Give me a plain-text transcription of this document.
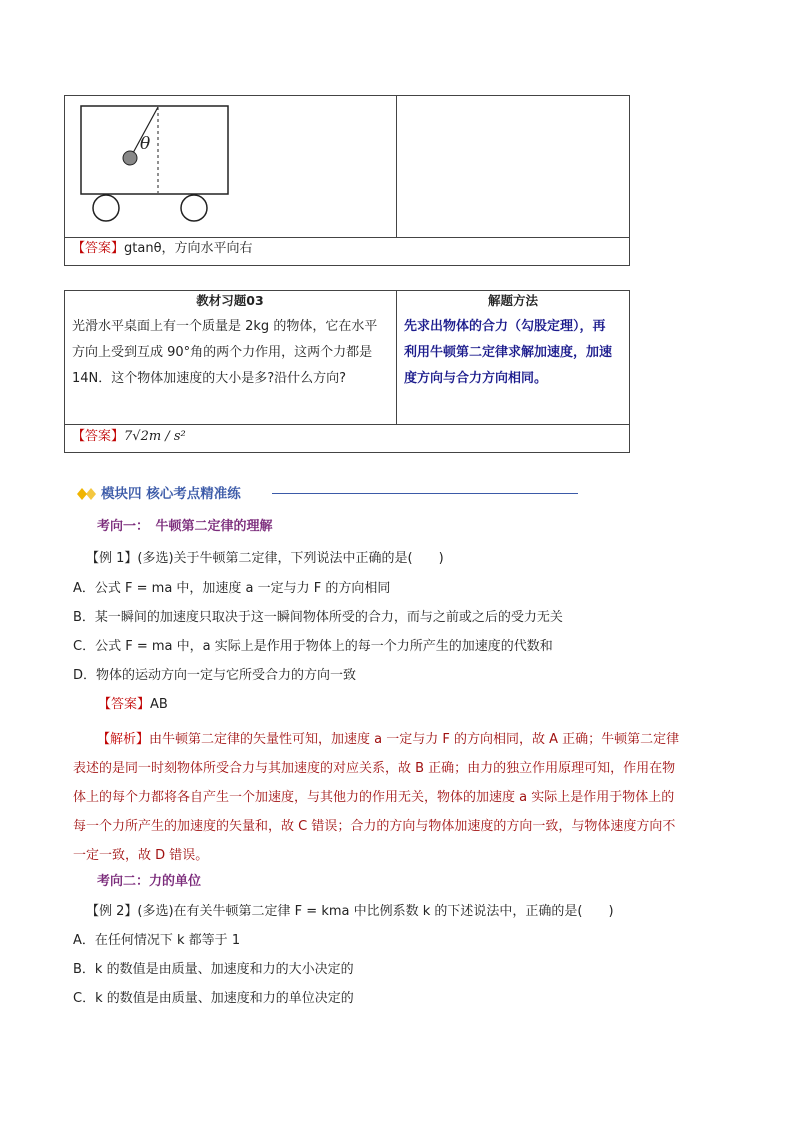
θ
【答案】gtanθ，方向水平向右
教材习题03	解题方法
光滑水平桌面上有一个质量是 2kg 的物体，它在水平
方向上受到互成 90°角的两个力作用，这两个力都是
14N．这个物体加速度的大小是多?沿什么方向?
先求出物体的合力（勾股定理），再
利用牛顿第二定律求解加速度，加速
度方向与合力方向相同。
【答案】7√2m / s²
模块四 核心考点精准练
考向一：　牛顿第二定律的理解
【例 1】(多选)关于牛顿第二定律，下列说法中正确的是(　　)
A．公式 F = ma 中，加速度 a 一定与力 F 的方向相同
B．某一瞬间的加速度只取决于这一瞬间物体所受的合力，而与之前或之后的受力无关
C．公式 F = ma 中，a 实际上是作用于物体上的每一个力所产生的加速度的代数和
D．物体的运动方向一定与它所受合力的方向一致
【答案】AB
【解析】由牛顿第二定律的矢量性可知，加速度 a 一定与力 F 的方向相同，故 A 正确；牛顿第二定律
表述的是同一时刻物体所受合力与其加速度的对应关系，故 B 正确；由力的独立作用原理可知，作用在物
体上的每个力都将各自产生一个加速度，与其他力的作用无关，物体的加速度 a 实际上是作用于物体上的
每一个力所产生的加速度的矢量和，故 C 错误；合力的方向与物体加速度的方向一致，与物体速度方向不
一定一致，故 D 错误。
考向二：力的单位
【例 2】(多选)在有关牛顿第二定律 F = kma 中比例系数 k 的下述说法中，正确的是(　　)
A．在任何情况下 k 都等于 1
B．k 的数值是由质量、加速度和力的大小决定的
C．k 的数值是由质量、加速度和力的单位决定的
